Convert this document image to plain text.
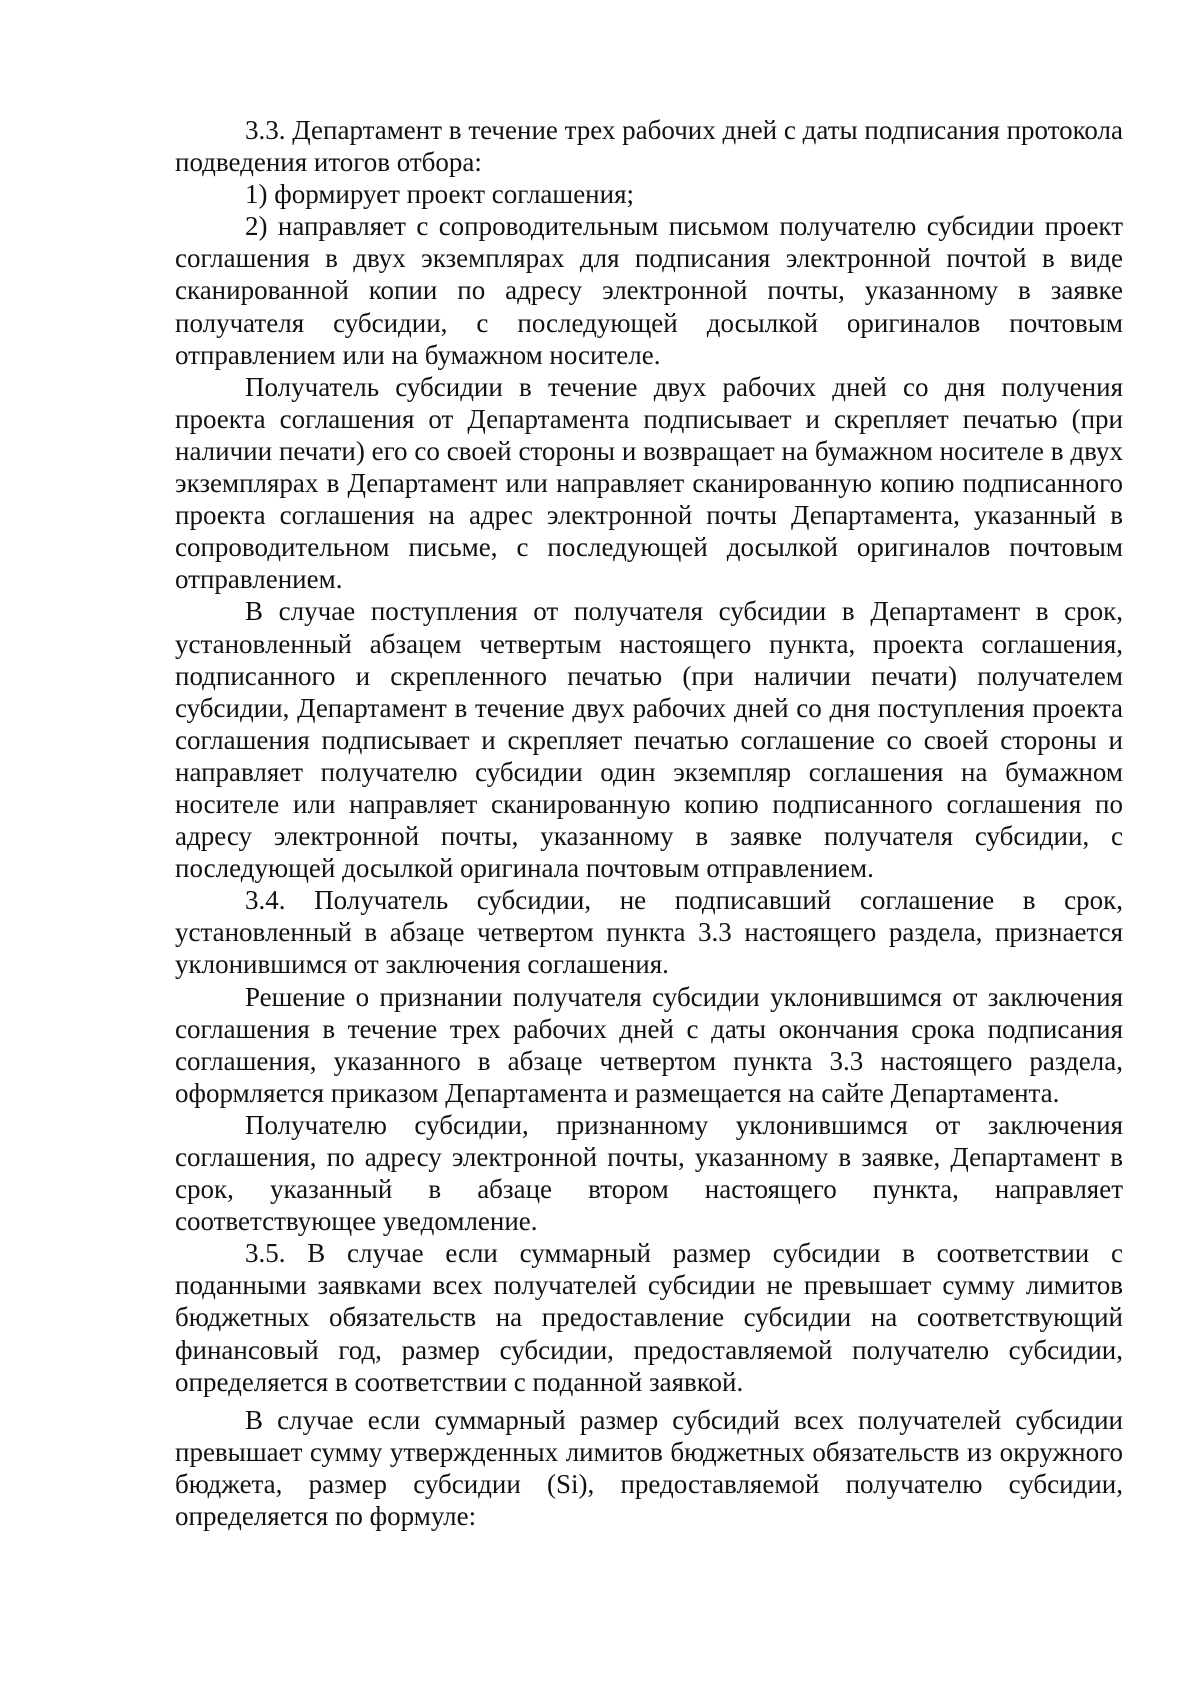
3.3. Департамент в течение трех рабочих дней с даты подписания протокола подведения итогов отбора:

1) формирует проект соглашения;

2) направляет с сопроводительным письмом получателю субсидии проект соглашения в двух экземплярах для подписания электронной почтой в виде сканированной копии по адресу электронной почты, указанному в заявке получателя субсидии, с последующей досылкой оригиналов почтовым отправлением или на бумажном носителе.

Получатель субсидии в течение двух рабочих дней со дня получения проекта соглашения от Департамента подписывает и скрепляет печатью (при наличии печати) его со своей стороны и возвращает на бумажном носителе в двух экземплярах в Департамент или направляет сканированную копию подписанного проекта соглашения на адрес электронной почты Департамента, указанный в сопроводительном письме, с последующей досылкой оригиналов почтовым отправлением.

В случае поступления от получателя субсидии в Департамент в срок, установленный абзацем четвертым настоящего пункта, проекта соглашения, подписанного и скрепленного печатью (при наличии печати) получателем субсидии, Департамент в течение двух рабочих дней со дня поступления проекта соглашения подписывает и скрепляет печатью соглашение со своей стороны и направляет получателю субсидии один экземпляр соглашения на бумажном носителе или направляет сканированную копию подписанного соглашения по адресу электронной почты, указанному в заявке получателя субсидии, с последующей досылкой оригинала почтовым отправлением.

3.4. Получатель субсидии, не подписавший соглашение в срок, установленный в абзаце четвертом пункта 3.3 настоящего раздела, признается уклонившимся от заключения соглашения.

Решение о признании получателя субсидии уклонившимся от заключения соглашения в течение трех рабочих дней с даты окончания срока подписания соглашения, указанного в абзаце четвертом пункта 3.3 настоящего раздела, оформляется приказом Департамента и размещается на сайте Департамента.

Получателю субсидии, признанному уклонившимся от заключения соглашения, по адресу электронной почты, указанному в заявке, Департамент в срок, указанный в абзаце втором настоящего пункта, направляет соответствующее уведомление.

3.5. В случае если суммарный размер субсидии в соответствии с поданными заявками всех получателей субсидии не превышает сумму лимитов бюджетных обязательств на предоставление субсидии на соответствующий финансовый год, размер субсидии, предоставляемой получателю субсидии, определяется в соответствии с поданной заявкой.

В случае если суммарный размер субсидий всех получателей субсидии превышает сумму утвержденных лимитов бюджетных обязательств из окружного бюджета, размер субсидии (Si), предоставляемой получателю субсидии, определяется по формуле:
